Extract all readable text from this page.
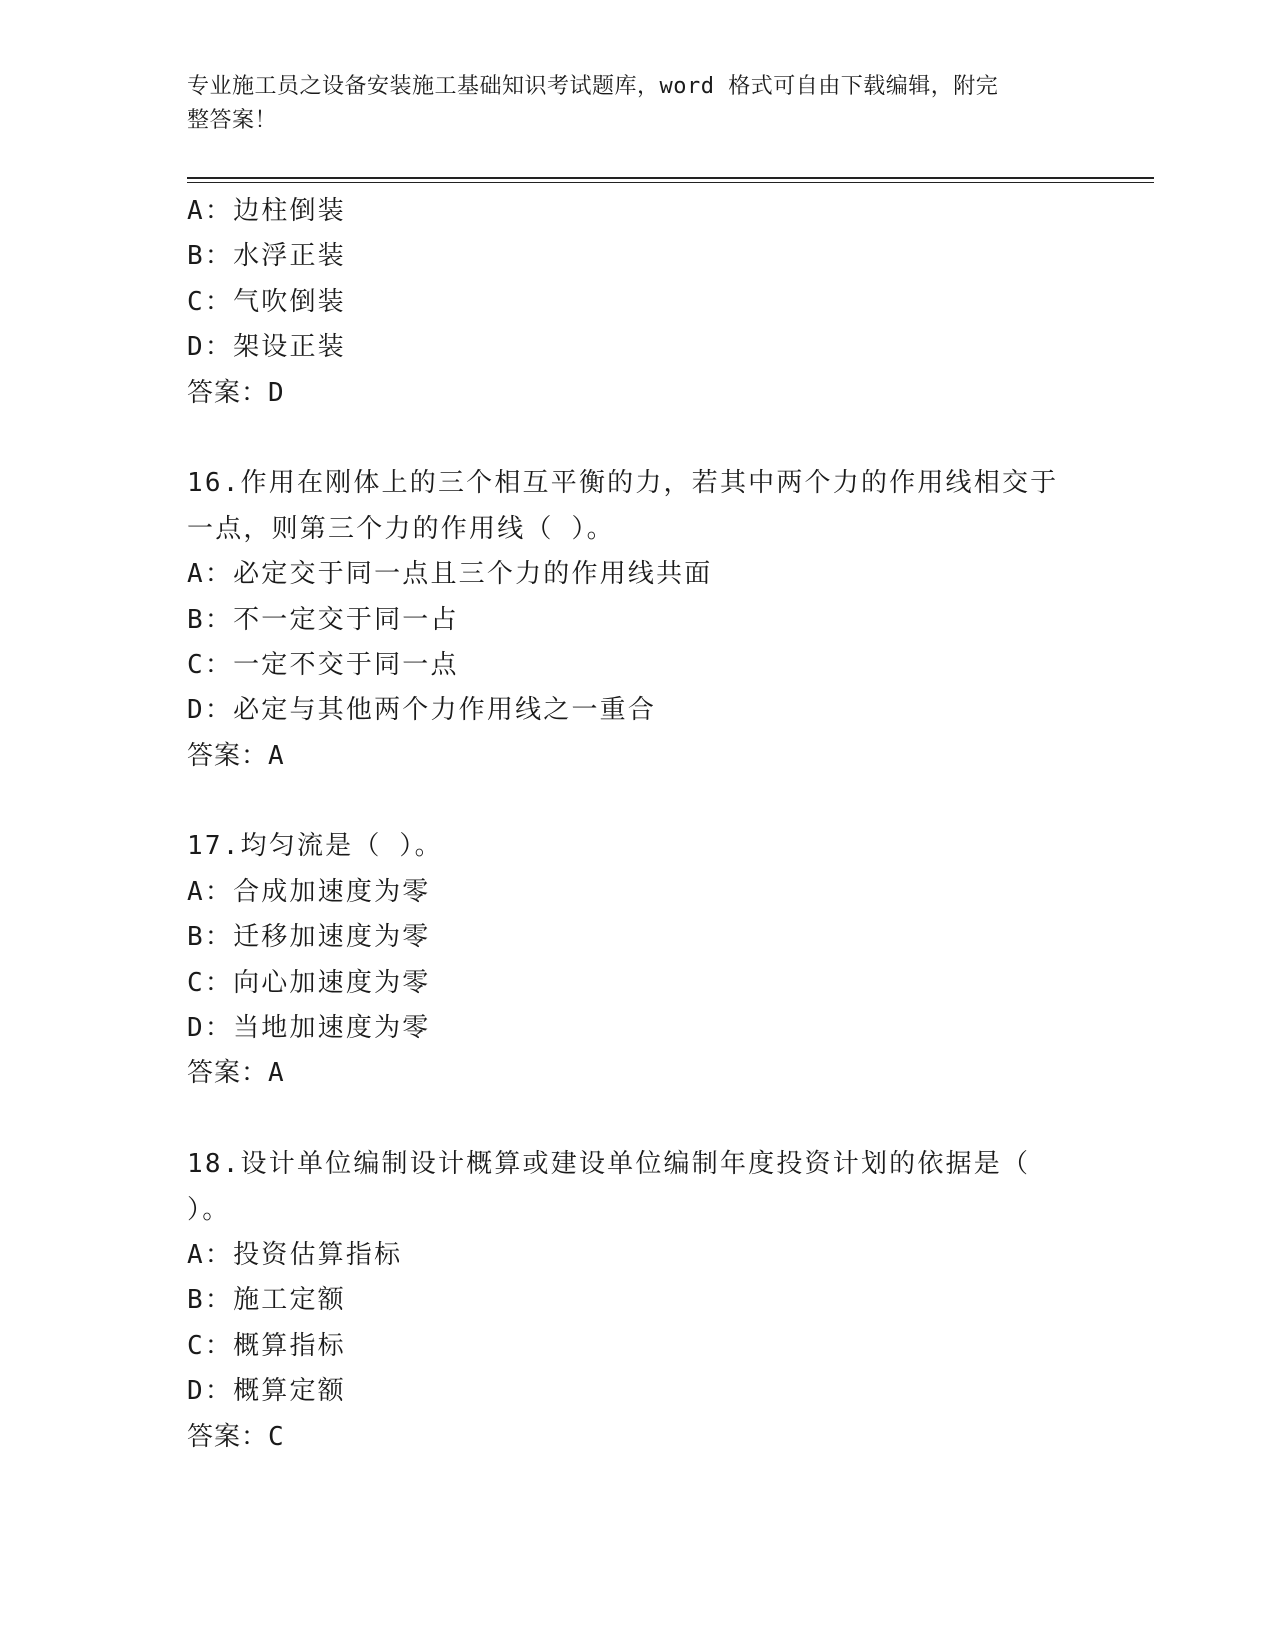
专业施工员之设备安装施工基础知识考试题库，word 格式可自由下载编辑，附完
整答案！
A：边柱倒装
B：水浮正装
C：气吹倒装
D：架设正装
答案：D
16.作用在刚体上的三个相互平衡的力，若其中两个力的作用线相交于
一点，则第三个力的作用线（ ）。
A：必定交于同一点且三个力的作用线共面
B：不一定交于同一占
C：一定不交于同一点
D：必定与其他两个力作用线之一重合
答案：A
17.均匀流是（ ）。
A：合成加速度为零
B：迁移加速度为零
C：向心加速度为零
D：当地加速度为零
答案：A
18.设计单位编制设计概算或建设单位编制年度投资计划的依据是（
）。
A：投资估算指标
B：施工定额
C：概算指标
D：概算定额
答案：C
